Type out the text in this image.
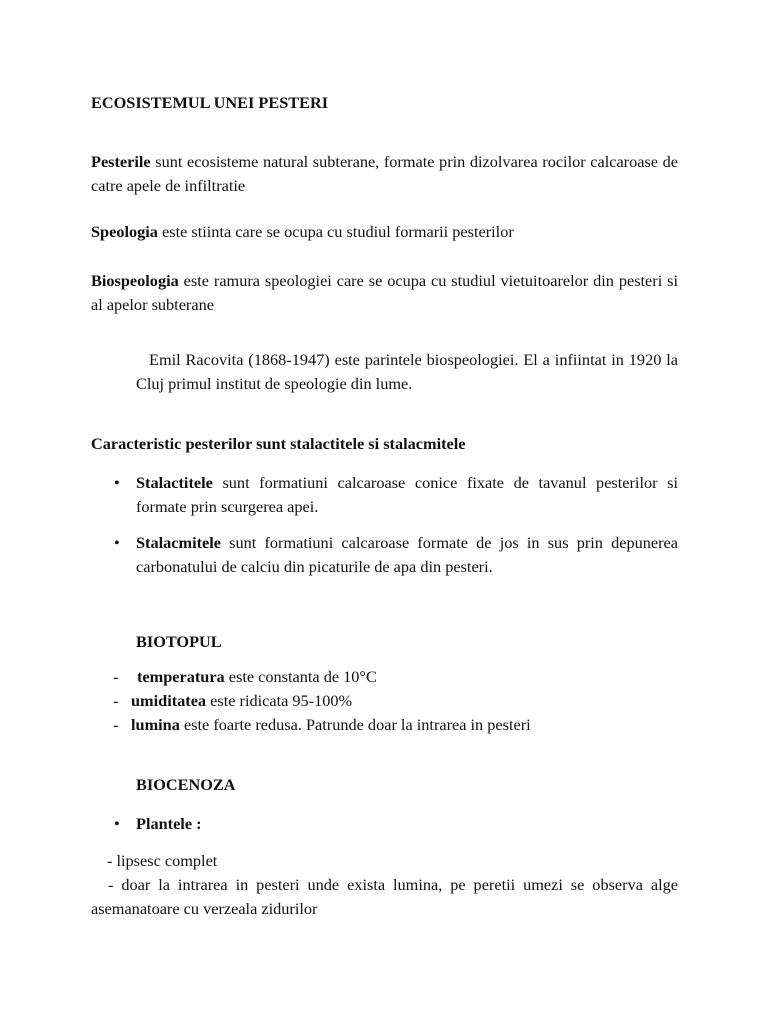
ECOSISTEMUL UNEI PESTERI

Pesterile sunt ecosisteme natural subterane, formate prin dizolvarea rocilor calcaroase de catre apele de infiltratie

Speologia este stiinta care se ocupa cu studiul formarii pesterilor

Biospeologia este ramura speologiei care se ocupa cu studiul vietuitoarelor din pesteri si al apelor subterane

Emil Racovita (1868-1947) este parintele biospeologiei. El a infiintat in 1920 la Cluj primul institut de speologie din lume.

Caracteristic pesterilor sunt stalactitele si stalacmitele

• Stalactitele sunt formatiuni calcaroase conice fixate de tavanul pesterilor si formate prin scurgerea apei.

• Stalacmitele sunt formatiuni calcaroase formate de jos in sus prin depunerea carbonatului de calciu din picaturile de apa din pesteri.

BIOTOPUL

- temperatura este constanta de 10°C
- umiditatea este ridicata 95-100%
- lumina este foarte redusa. Patrunde doar la intrarea in pesteri

BIOCENOZA

• Plantele :

- lipsesc complet

- doar la intrarea in pesteri unde exista lumina, pe peretii umezi se observa alge asemanatoare cu verzeala zidurilor
